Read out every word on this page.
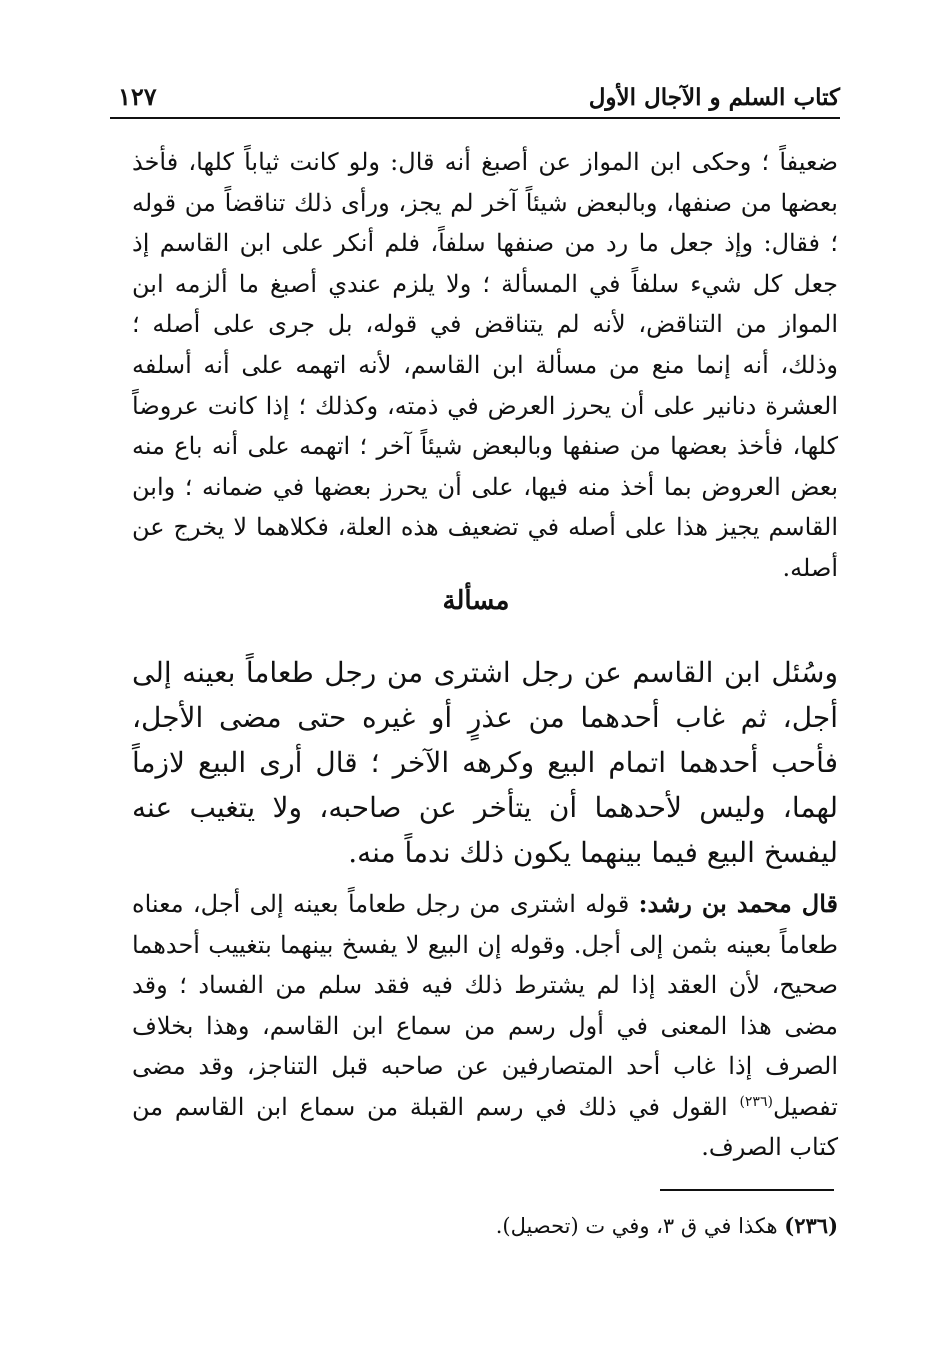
كتاب السلم و الآجال الأول
١٢٧

ضعيفاً ؛ وحكى ابن المواز عن أصبغ أنه قال: ولو كانت ثياباً كلها، فأخذ بعضها من صنفها، وبالبعض شيئاً آخر لم يجز، ورأى ذلك تناقضاً من قوله ؛ فقال: وإذ جعل ما رد من صنفها سلفاً، فلم أنكر على ابن القاسم إذ جعل كل شيء سلفاً في المسألة ؛ ولا يلزم عندي أصبغ ما ألزمه ابن المواز من التناقض، لأنه لم يتناقض في قوله، بل جرى على أصله ؛ وذلك، أنه إنما منع من مسألة ابن القاسم، لأنه اتهمه على أنه أسلفه العشرة دنانير على أن يحرز العرض في ذمته، وكذلك ؛ إذا كانت عروضاً كلها، فأخذ بعضها من صنفها وبالبعض شيئاً آخر ؛ اتهمه على أنه باع منه بعض العروض بما أخذ منه فيها، على أن يحرز بعضها في ضمانه ؛ وابن القاسم يجيز هذا على أصله في تضعيف هذه العلة، فكلاهما لا يخرج عن أصله.

مسألة

وسُئل ابن القاسم عن رجل اشترى من رجل طعاماً بعينه إلى أجل، ثم غاب أحدهما من عذرٍ أو غيره حتى مضى الأجل، فأحب أحدهما اتمام البيع وكرهه الآخر ؛ قال أرى البيع لازماً لهما، وليس لأحدهما أن يتأخر عن صاحبه، ولا يتغيب عنه ليفسخ البيع فيما بينهما يكون ذلك ندماً منه.

قال محمد بن رشد: قوله اشترى من رجل طعاماً بعينه إلى أجل، معناه طعاماً بعينه بثمن إلى أجل. وقوله إن البيع لا يفسخ بينهما بتغييب أحدهما صحيح، لأن العقد إذا لم يشترط ذلك فيه فقد سلم من الفساد ؛ وقد مضى هذا المعنى في أول رسم من سماع ابن القاسم، وهذا بخلاف الصرف إذا غاب أحد المتصارفين عن صاحبه قبل التناجز، وقد مضى تفصيل$^{(٢٣٦)}$ القول في ذلك في رسم القبلة من سماع ابن القاسم من كتاب الصرف.

(٢٣٦) هكذا في ق ٣، وفي ت (تحصيل).
